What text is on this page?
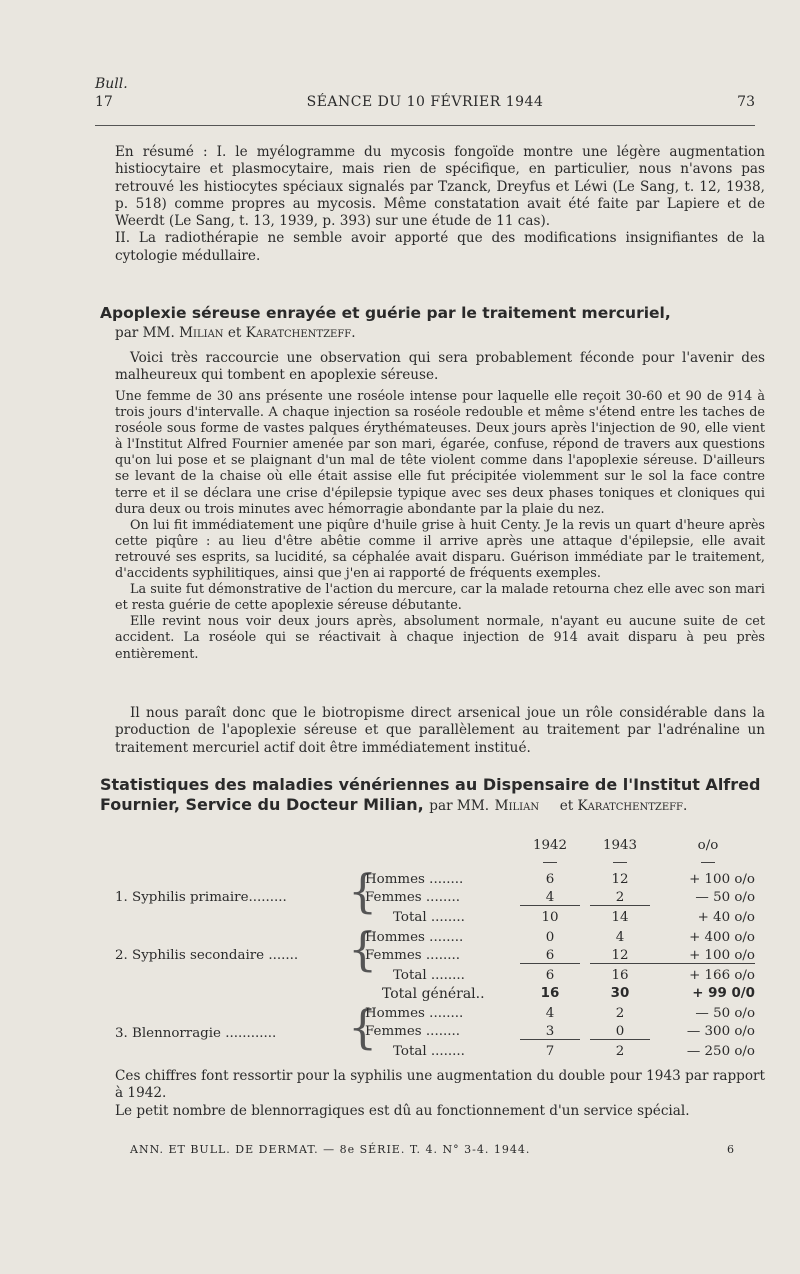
Bull.
17	SÉANCE DU 10 FÉVRIER 1944	73

En résumé : I. le myélogramme du mycosis fongoïde montre une légère augmentation histiocytaire et plasmocytaire, mais rien de spécifique, en particulier, nous n'avons pas retrouvé les histiocytes spéciaux signalés par Tzanck, Dreyfus et Léwi (Le Sang, t. 12, 1938, p. 518) comme propres au mycosis. Même constatation avait été faite par Lapiere et de Weerdt (Le Sang, t. 13, 1939, p. 393) sur une étude de 11 cas).

II. La radiothérapie ne semble avoir apporté que des modifications insignifiantes de la cytologie médullaire.

Apoplexie séreuse enrayée et guérie par le traitement mercuriel,
par MM. Milian et Karatchentzeff.

Voici très raccourcie une observation qui sera probablement féconde pour l'avenir des malheureux qui tombent en apoplexie séreuse.

Une femme de 30 ans présente une roséole intense pour laquelle elle reçoit 30-60 et 90 de 914 à trois jours d'intervalle. A chaque injection sa roséole redouble et même s'étend entre les taches de roséole sous forme de vastes palques érythémateuses. Deux jours après l'injection de 90, elle vient à l'Institut Alfred Fournier amenée par son mari, égarée, confuse, répond de travers aux questions qu'on lui pose et se plaignant d'un mal de tête violent comme dans l'apoplexie séreuse. D'ailleurs se levant de la chaise où elle était assise elle fut précipitée violemment sur le sol la face contre terre et il se déclara une crise d'épilepsie typique avec ses deux phases toniques et cloniques qui dura deux ou trois minutes avec hémorragie abondante par la plaie du nez.

On lui fit immédiatement une piqûre d'huile grise à huit Centy. Je la revis un quart d'heure après cette piqûre : au lieu d'être abêtie comme il arrive après une attaque d'épilepsie, elle avait retrouvé ses esprits, sa lucidité, sa céphalée avait disparu. Guérison immédiate par le traitement, d'accidents syphilitiques, ainsi que j'en ai rapporté de fréquents exemples.

La suite fut démonstrative de l'action du mercure, car la malade retourna chez elle avec son mari et resta guérie de cette apoplexie séreuse débutante.

Elle revint nous voir deux jours après, absolument normale, n'ayant eu aucune suite de cet accident. La roséole qui se réactivait à chaque injection de 914 avait disparu à peu près entièrement.

Il nous paraît donc que le biotropisme direct arsenical joue un rôle considérable dans la production de l'apoplexie séreuse et que parallèlement au traitement par l'adrénaline un traitement mercuriel actif doit être immédiatement institué.

Statistiques des maladies vénériennes au Dispensaire de l'Institut Alfred Fournier, Service du Docteur Milian, par MM. Milian et Karatchentzeff.
1942	1943	o/o
1. Syphilis primaire......... {
Hommes ........	6	12	+ 100 o/o
Femmes ........	4	2	— 50 o/o
Total ........	10	14	+ 40 o/o
2. Syphilis secondaire ....... {
Hommes ........	0	4	+ 400 o/o
Femmes ........	6	12	+ 100 o/o
Total ........	6	16	+ 166 o/o
Total général..	16	30	+ 99 0/0
3. Blennorragie ............ {
Hommes ........	4	2	— 50 o/o
Femmes ........	3	0	— 300 o/o
Total ........	7	2	— 250 o/o

Ces chiffres font ressortir pour la syphilis une augmentation du double pour 1943 par rapport à 1942.

Le petit nombre de blennorragiques est dû au fonctionnement d'un service spécial.

ANN. ET BULL. DE DERMAT. — 8e SÉRIE. T. 4. N° 3-4. 1944.	6
